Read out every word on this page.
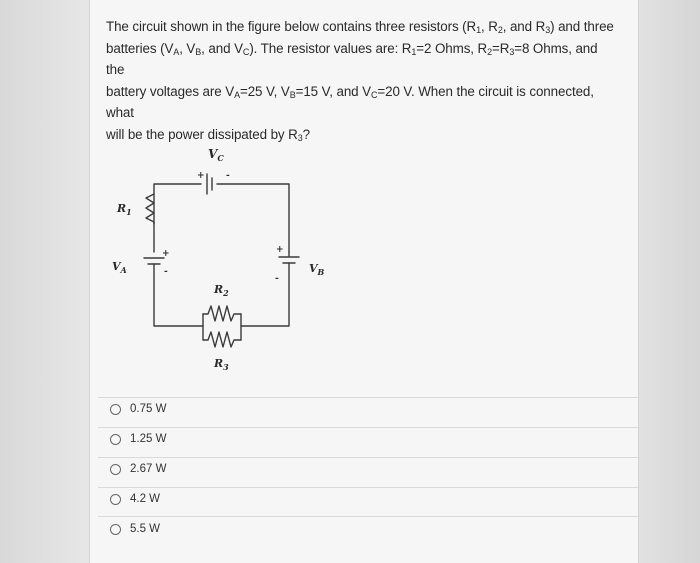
The circuit shown in the figure below contains three resistors ($R_1$, $R_2$, and $R_3$) and three
batteries ($V_A$, $V_B$, and $V_C$). The resistor values are: $R_1=2$ Ohms, $R_2=R_3=8$ Ohms, and the
battery voltages are $V_A=25$ V, $V_B=15$ V, and $V_C=20$ V. When the circuit is connected, what
will be the power dissipated by $R_3$?
$V_C$
+ -
$R_1$
$V_A$
+
-	$V_B$
+
-
$R_2$
$R_3$
0.75 W
1.25 W
2.67 W
4.2 W
5.5 W
